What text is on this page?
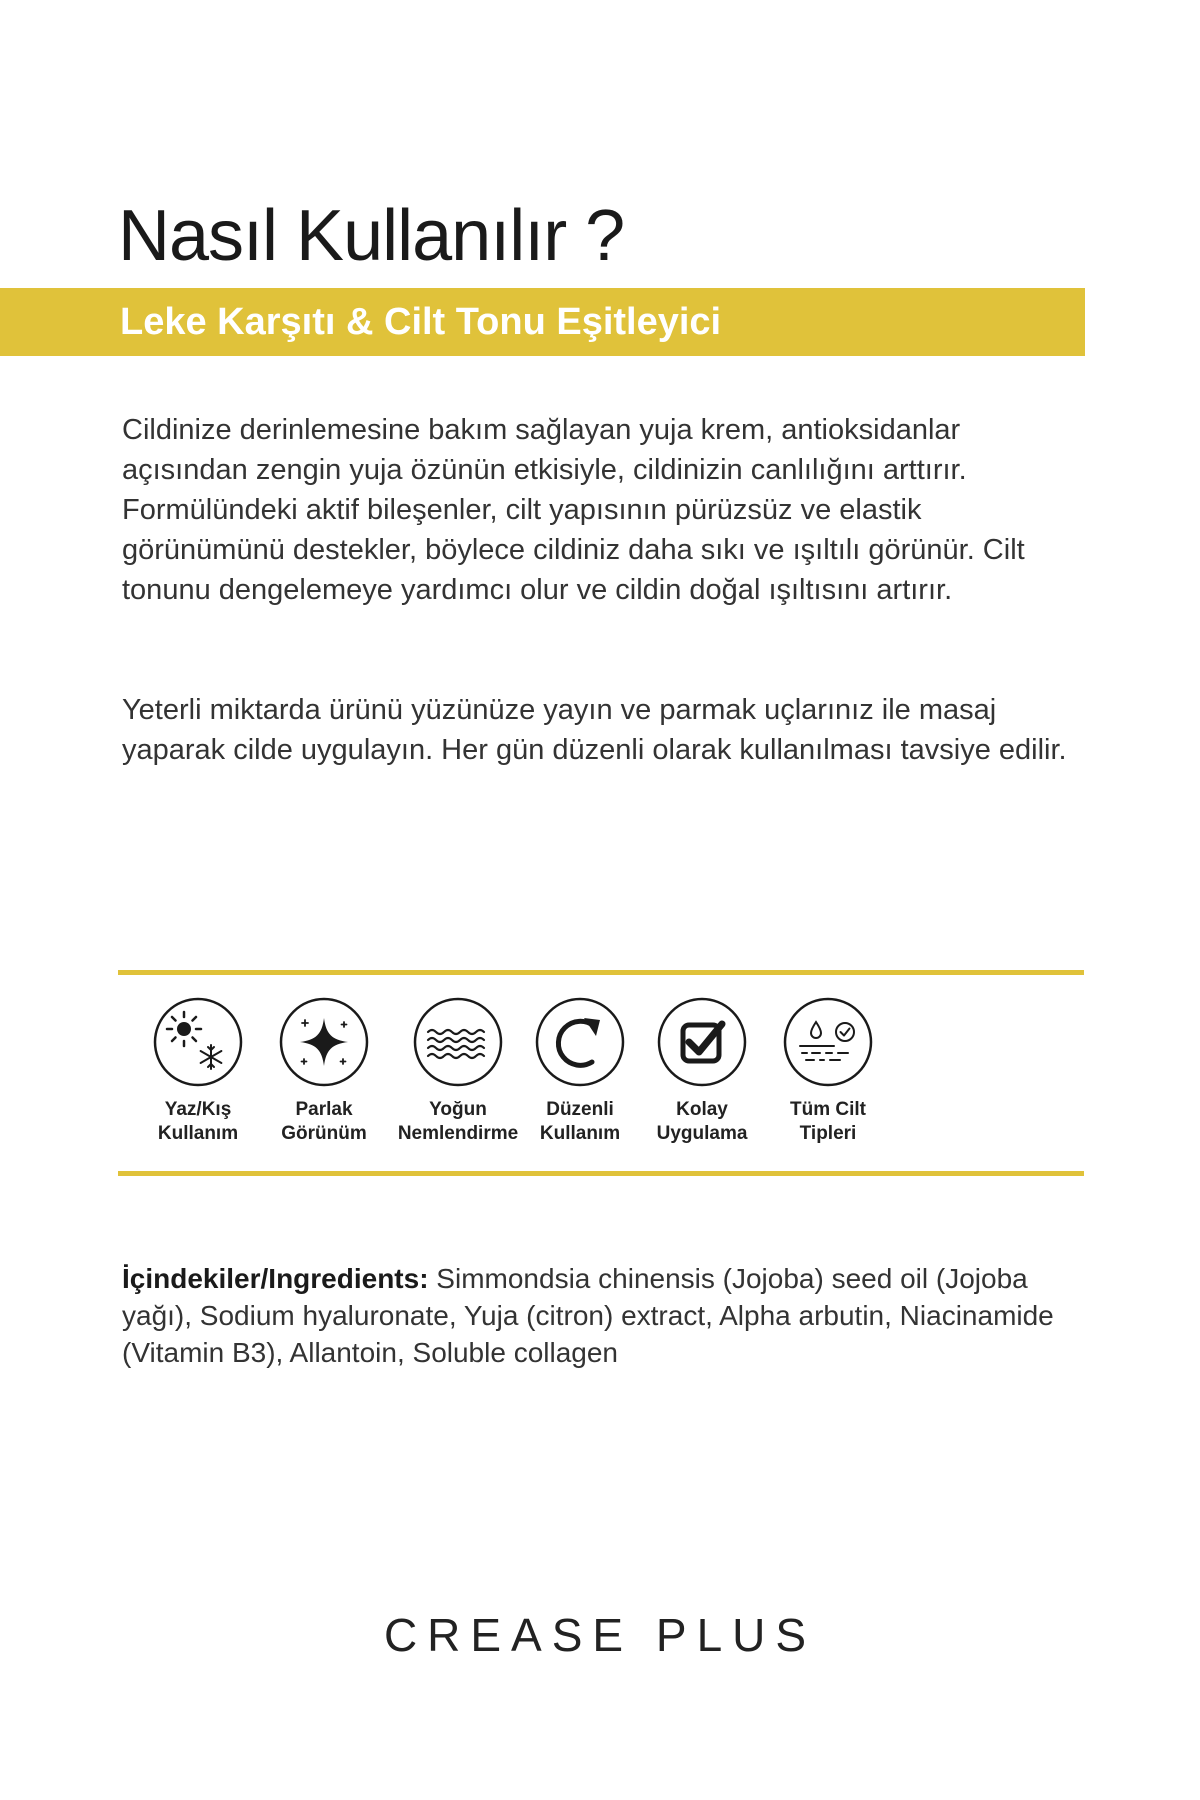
Nasıl Kullanılır ?
Leke Karşıtı & Cilt Tonu Eşitleyici

Cildinize derinlemesine bakım sağlayan yuja krem, antioksidanlar açısından zengin yuja özünün etkisiyle, cildinizin canlılığını arttırır. Formülündeki aktif bileşenler, cilt yapısının pürüzsüz ve elastik görünümünü destekler, böylece cildiniz daha sıkı ve ışıltılı görünür. Cilt tonunu dengelemeye yardımcı olur ve cildin doğal ışıltısını artırır.

Yeterli miktarda ürünü yüzünüze yayın ve parmak uçlarınız ile masaj yaparak cilde uygulayın. Her gün düzenli olarak kullanılması tavsiye edilir.

Yaz/Kış
Kullanım
Parlak
Görünüm
Yoğun
Nemlendirme
Düzenli
Kullanım
Kolay
Uygulama
Tüm Cilt
Tipleri

İçindekiler/Ingredients: Simmondsia chinensis (Jojoba) seed oil (Jojoba yağı), Sodium hyaluronate, Yuja (citron) extract, Alpha arbutin, Niacinamide (Vitamin B3), Allantoin, Soluble collagen

CREASE PLUS
